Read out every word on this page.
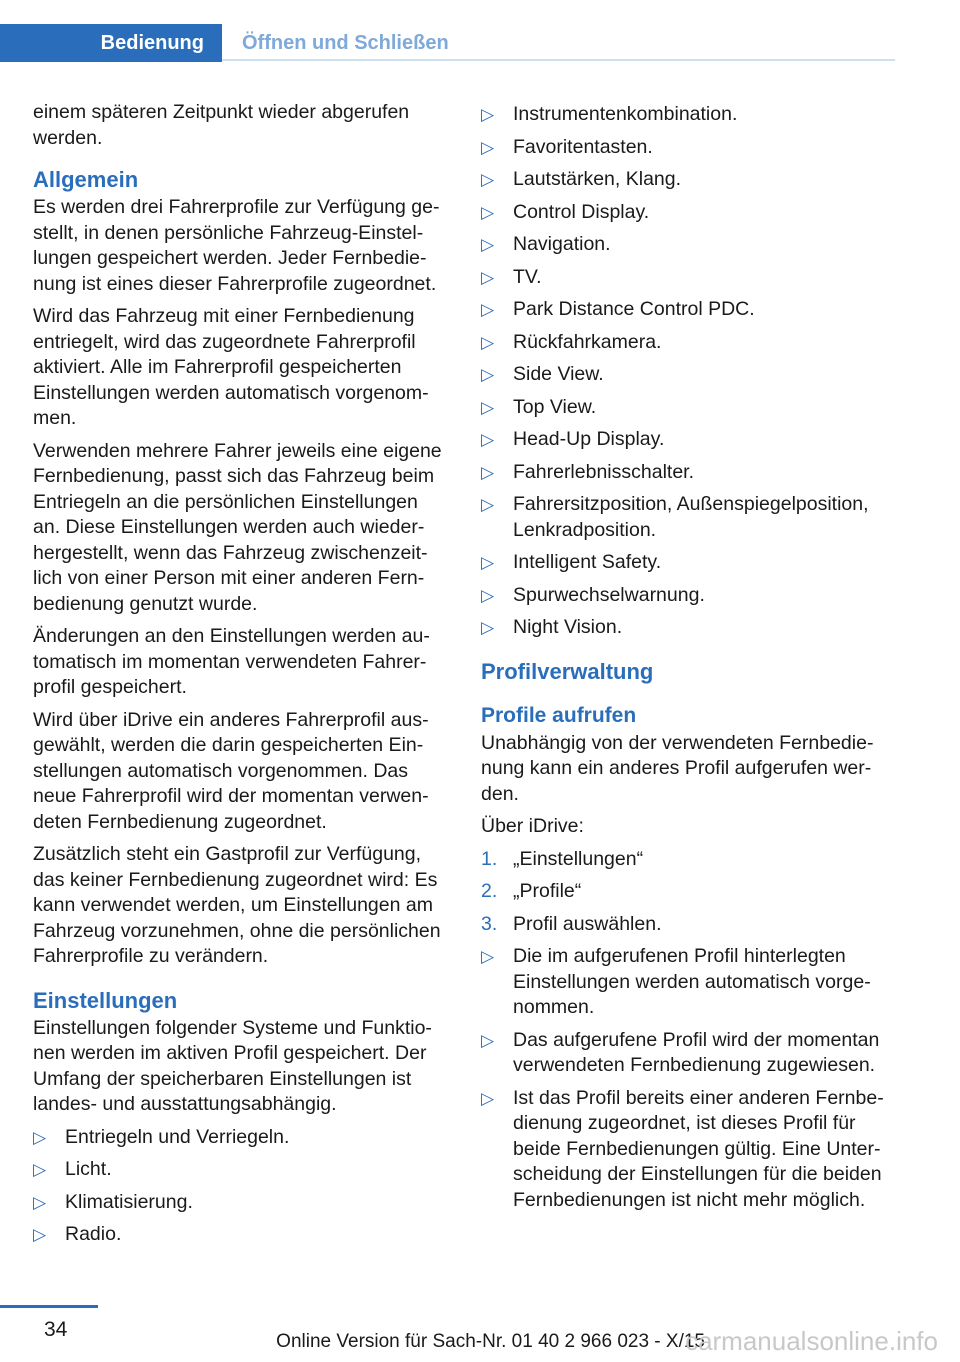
Bedienung	Öffnen und Schließen

einem späteren Zeitpunkt wieder abgerufen werden.

Allgemein

Es werden drei Fahrerprofile zur Verfügung gestellt, in denen persönliche Fahrzeug-Einstellungen gespeichert werden. Jeder Fernbedienung ist eines dieser Fahrerprofile zugeordnet.

Wird das Fahrzeug mit einer Fernbedienung entriegelt, wird das zugeordnete Fahrerprofil aktiviert. Alle im Fahrerprofil gespeicherten Einstellungen werden automatisch vorgenommen.

Verwenden mehrere Fahrer jeweils eine eigene Fernbedienung, passt sich das Fahrzeug beim Entriegeln an die persönlichen Einstellungen an. Diese Einstellungen werden auch wiederhergestellt, wenn das Fahrzeug zwischenzeitlich von einer Person mit einer anderen Fernbedienung genutzt wurde.

Änderungen an den Einstellungen werden automatisch im momentan verwendeten Fahrerprofil gespeichert.

Wird über iDrive ein anderes Fahrerprofil ausgewählt, werden die darin gespeicherten Einstellungen automatisch vorgenommen. Das neue Fahrerprofil wird der momentan verwendeten Fernbedienung zugeordnet.

Zusätzlich steht ein Gastprofil zur Verfügung, das keiner Fernbedienung zugeordnet wird: Es kann verwendet werden, um Einstellungen am Fahrzeug vorzunehmen, ohne die persönlichen Fahrerprofile zu verändern.

Einstellungen

Einstellungen folgender Systeme und Funktionen werden im aktiven Profil gespeichert. Der Umfang der speicherbaren Einstellungen ist landes- und ausstattungsabhängig.

▷ Entriegeln und Verriegeln.
▷ Licht.
▷ Klimatisierung.
▷ Radio.
▷ Instrumentenkombination.
▷ Favoritentasten.
▷ Lautstärken, Klang.
▷ Control Display.
▷ Navigation.
▷ TV.
▷ Park Distance Control PDC.
▷ Rückfahrkamera.
▷ Side View.
▷ Top View.
▷ Head-Up Display.
▷ Fahrerlebnisschalter.
▷ Fahrersitzposition, Außenspiegelposition, Lenkradposition.
▷ Intelligent Safety.
▷ Spurwechselwarnung.
▷ Night Vision.
Profilverwaltung
Profile aufrufen

Unabhängig von der verwendeten Fernbedienung kann ein anderes Profil aufgerufen werden.

Über iDrive:

1. „Einstellungen“
2. „Profile“
3. Profil auswählen.
▷ Die im aufgerufenen Profil hinterlegten Einstellungen werden automatisch vorgenommen.
▷ Das aufgerufene Profil wird der momentan verwendeten Fernbedienung zugewiesen.
▷ Ist das Profil bereits einer anderen Fernbedienung zugeordnet, ist dieses Profil für beide Fernbedienungen gültig. Eine Unterscheidung der Einstellungen für die beiden Fernbedienungen ist nicht mehr möglich.
34
Online Version für Sach-Nr. 01 40 2 966 023 - X/15
carmanualsonline.info
